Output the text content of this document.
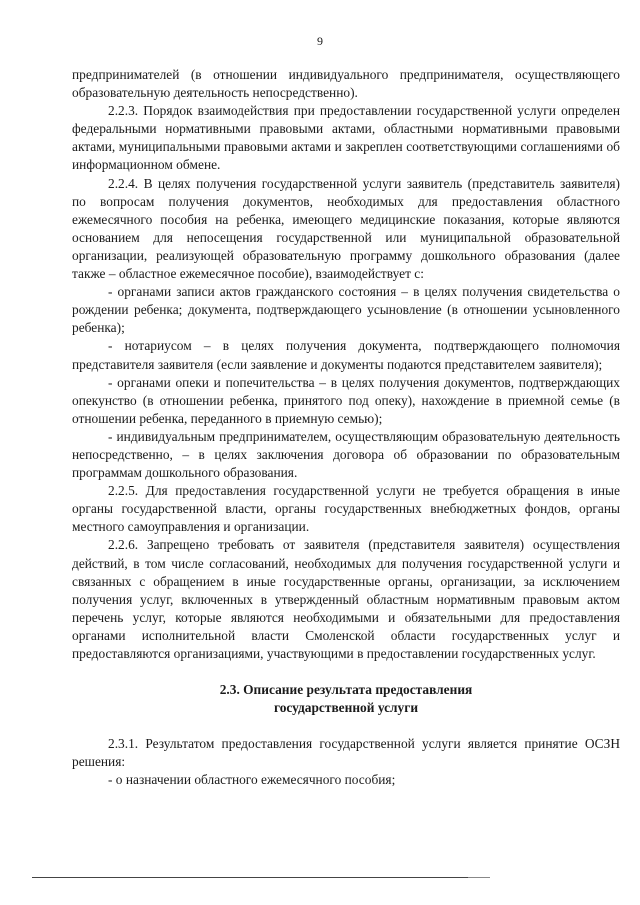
9

предпринимателей (в отношении индивидуального предпринимателя, осуществляющего образовательную деятельность непосредственно).

2.2.3. Порядок взаимодействия при предоставлении государственной услуги определен федеральными нормативными правовыми актами, областными нормативными правовыми актами, муниципальными правовыми актами и закреплен соответствующими соглашениями об информационном обмене.

2.2.4. В целях получения государственной услуги заявитель (представитель заявителя) по вопросам получения документов, необходимых для предоставления областного ежемесячного пособия на ребенка, имеющего медицинские показания, которые являются основанием для непосещения государственной или муниципальной образовательной организации, реализующей образовательную программу дошкольного образования (далее также – областное ежемесячное пособие), взаимодействует с:

- органами записи актов гражданского состояния – в целях получения свидетельства о рождении ребенка; документа, подтверждающего усыновление (в отношении усыновленного ребенка);

- нотариусом – в целях получения документа, подтверждающего полномочия представителя заявителя (если заявление и документы подаются представителем заявителя);

- органами опеки и попечительства – в целях получения документов, подтверждающих опекунство (в отношении ребенка, принятого под опеку), нахождение в приемной семье (в отношении ребенка, переданного в приемную семью);

- индивидуальным предпринимателем, осуществляющим образовательную деятельность непосредственно, – в целях заключения договора об образовании по образовательным программам дошкольного образования.

2.2.5. Для предоставления государственной услуги не требуется обращения в иные органы государственной власти, органы государственных внебюджетных фондов, органы местного самоуправления и организации.

2.2.6. Запрещено требовать от заявителя (представителя заявителя) осуществления действий, в том числе согласований, необходимых для получения государственной услуги и связанных с обращением в иные государственные органы, организации, за исключением получения услуг, включенных в утвержденный областным нормативным правовым актом перечень услуг, которые являются необходимыми и обязательными для предоставления органами исполнительной власти Смоленской области государственных услуг и предоставляются организациями, участвующими в предоставлении государственных услуг.

2.3. Описание результата предоставления
государственной услуги

2.3.1. Результатом предоставления государственной услуги является принятие ОСЗН решения:

- о назначении областного ежемесячного пособия;
